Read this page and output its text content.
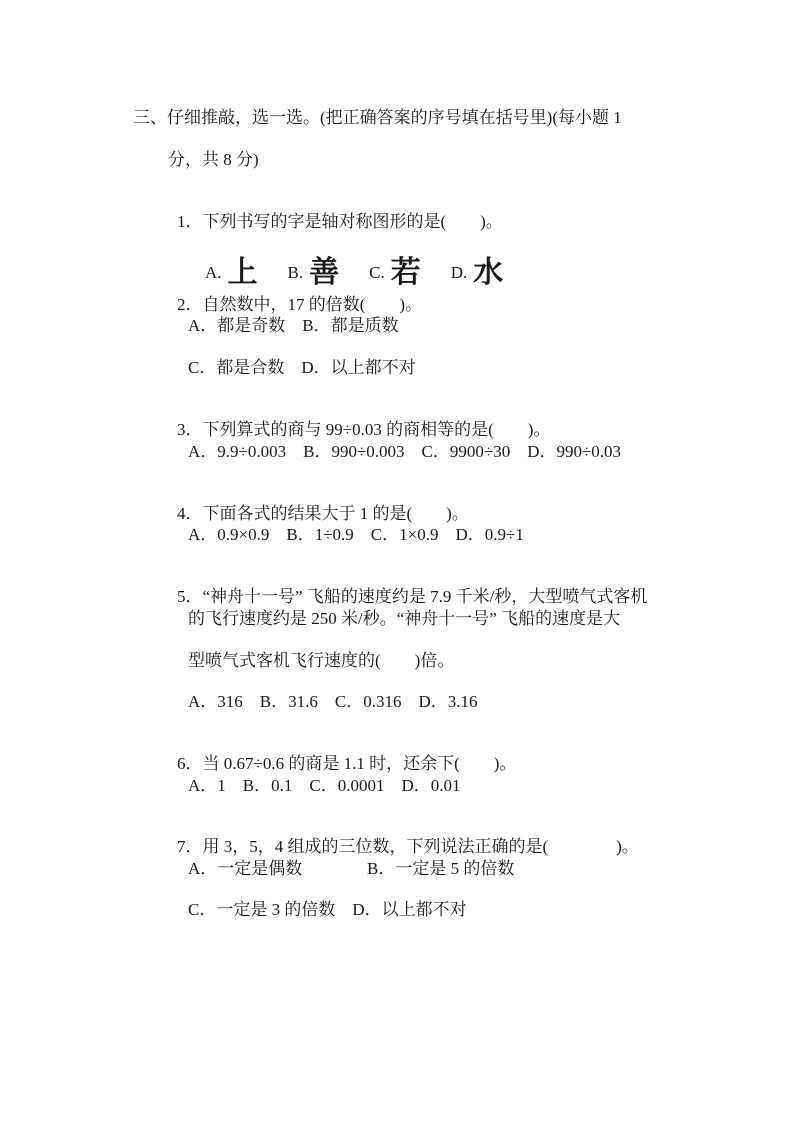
三、仔细推敲，选一选。(把正确答案的序号填在括号里)(每小题 1
分，共 8 分)

1．下列书写的字是轴对称图形的是(　　)。

A. 上 B. 善 C. 若 D. 水

2．自然数中，17 的倍数(　　)。

A．都是奇数　B．都是质数
C．都是合数　D．以上都不对

3．下列算式的商与 99÷0.03 的商相等的是(　　)。

A．9.9÷0.003　B．990÷0.003　C．9900÷30　D．990÷0.03

4．下面各式的结果大于 1 的是(　　)。

A．0.9×0.9　B．1÷0.9　C．1×0.9　D．0.9÷1

5．“神舟十一号” 飞船的速度约是 7.9 千米/秒，大型喷气式客机

的飞行速度约是 250 米/秒。“神舟十一号” 飞船的速度是大
型喷气式客机飞行速度的(　　)倍。
A．316　B．31.6　C．0.316　D．3.16

6．当 0.67÷0.6 的商是 1.1 时，还余下(　　)。

A．1　B．0.1　C．0.0001　D．0.01

7．用 3，5，4 组成的三位数，下列说法正确的是(　　　　)。

A．一定是偶数	B．一定是 5 的倍数
C．一定是 3 的倍数　D．以上都不对
